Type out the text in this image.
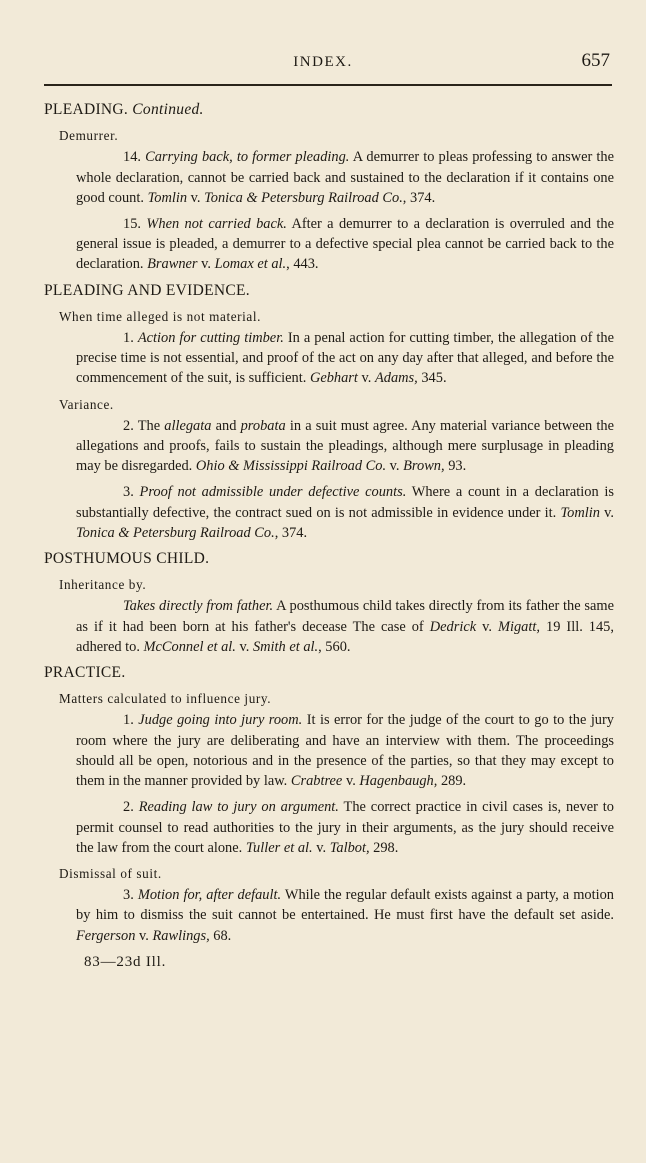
INDEX.	657
PLEADING. Continued.
Demurrer.

14. Carrying back, to former pleading. A demurrer to pleas professing to answer the whole declaration, cannot be carried back and sustained to the declaration if it contains one good count. Tomlin v. Tonica & Petersburg Railroad Co., 374.

15. When not carried back. After a demurrer to a declaration is overruled and the general issue is pleaded, a demurrer to a defective special plea cannot be carried back to the declaration. Brawner v. Lomax et al., 443.

PLEADING AND EVIDENCE.
When time alleged is not material.

1. Action for cutting timber. In a penal action for cutting timber, the allegation of the precise time is not essential, and proof of the act on any day after that alleged, and before the commencement of the suit, is sufficient. Gebhart v. Adams, 345.

Variance.

2. The allegata and probata in a suit must agree. Any material variance between the allegations and proofs, fails to sustain the pleadings, although mere surplusage in pleading may be disregarded. Ohio & Mississippi Railroad Co. v. Brown, 93.

3. Proof not admissible under defective counts. Where a count in a declaration is substantially defective, the contract sued on is not admissible in evidence under it. Tomlin v. Tonica & Petersburg Railroad Co., 374.

POSTHUMOUS CHILD.
Inheritance by.

Takes directly from father. A posthumous child takes directly from its father the same as if it had been born at his father's decease The case of Dedrick v. Migatt, 19 Ill. 145, adhered to. McConnel et al. v. Smith et al., 560.

PRACTICE.
Matters calculated to influence jury.

1. Judge going into jury room. It is error for the judge of the court to go to the jury room where the jury are deliberating and have an interview with them. The proceedings should all be open, notorious and in the presence of the parties, so that they may except to them in the manner provided by law. Crabtree v. Hagenbaugh, 289.

2. Reading law to jury on argument. The correct practice in civil cases is, never to permit counsel to read authorities to the jury in their arguments, as the jury should receive the law from the court alone. Tuller et al. v. Talbot, 298.

Dismissal of suit.

3. Motion for, after default. While the regular default exists against a party, a motion by him to dismiss the suit cannot be entertained. He must first have the default set aside. Fergerson v. Rawlings, 68.

83—23d Ill.
